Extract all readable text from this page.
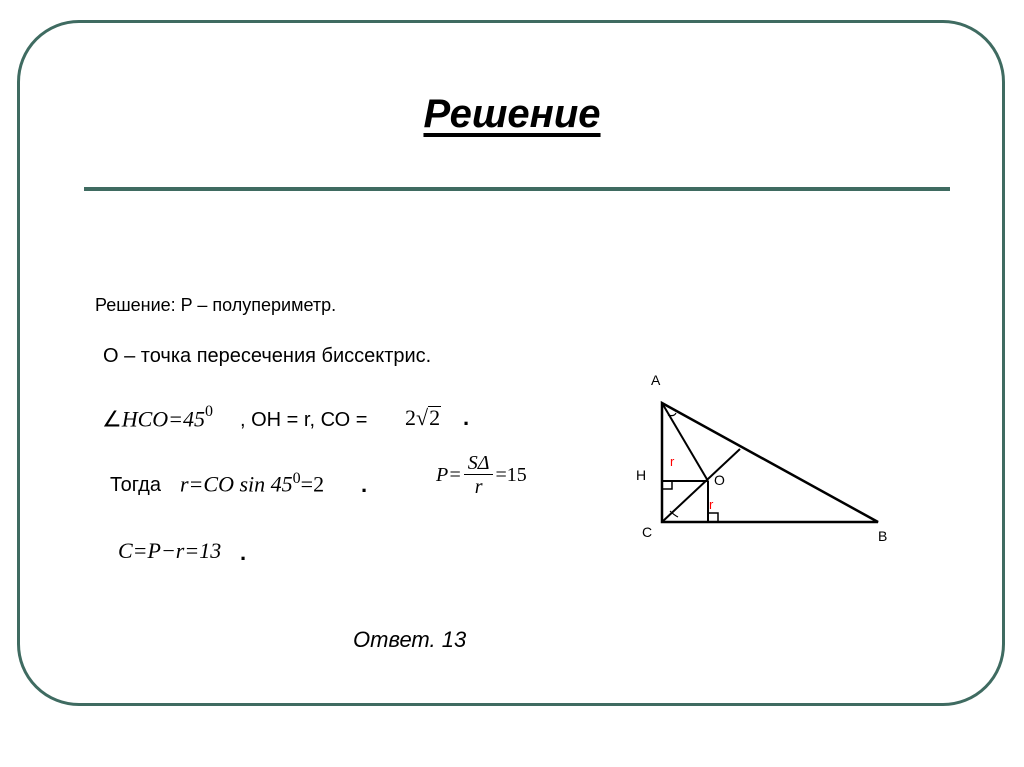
Решение
Решение: P – полупериметр.
О – точка пересечения биссектрис.
$\angle HCO=45^0$ , ОН = r, СО = 2√2 .
Тогда r=CO $\sin 45^0=2$ .	$P= \frac{S\Delta}{r} =15$
C=P−r=13 .
Ответ. 13
A
H	O
C	B
r
r
